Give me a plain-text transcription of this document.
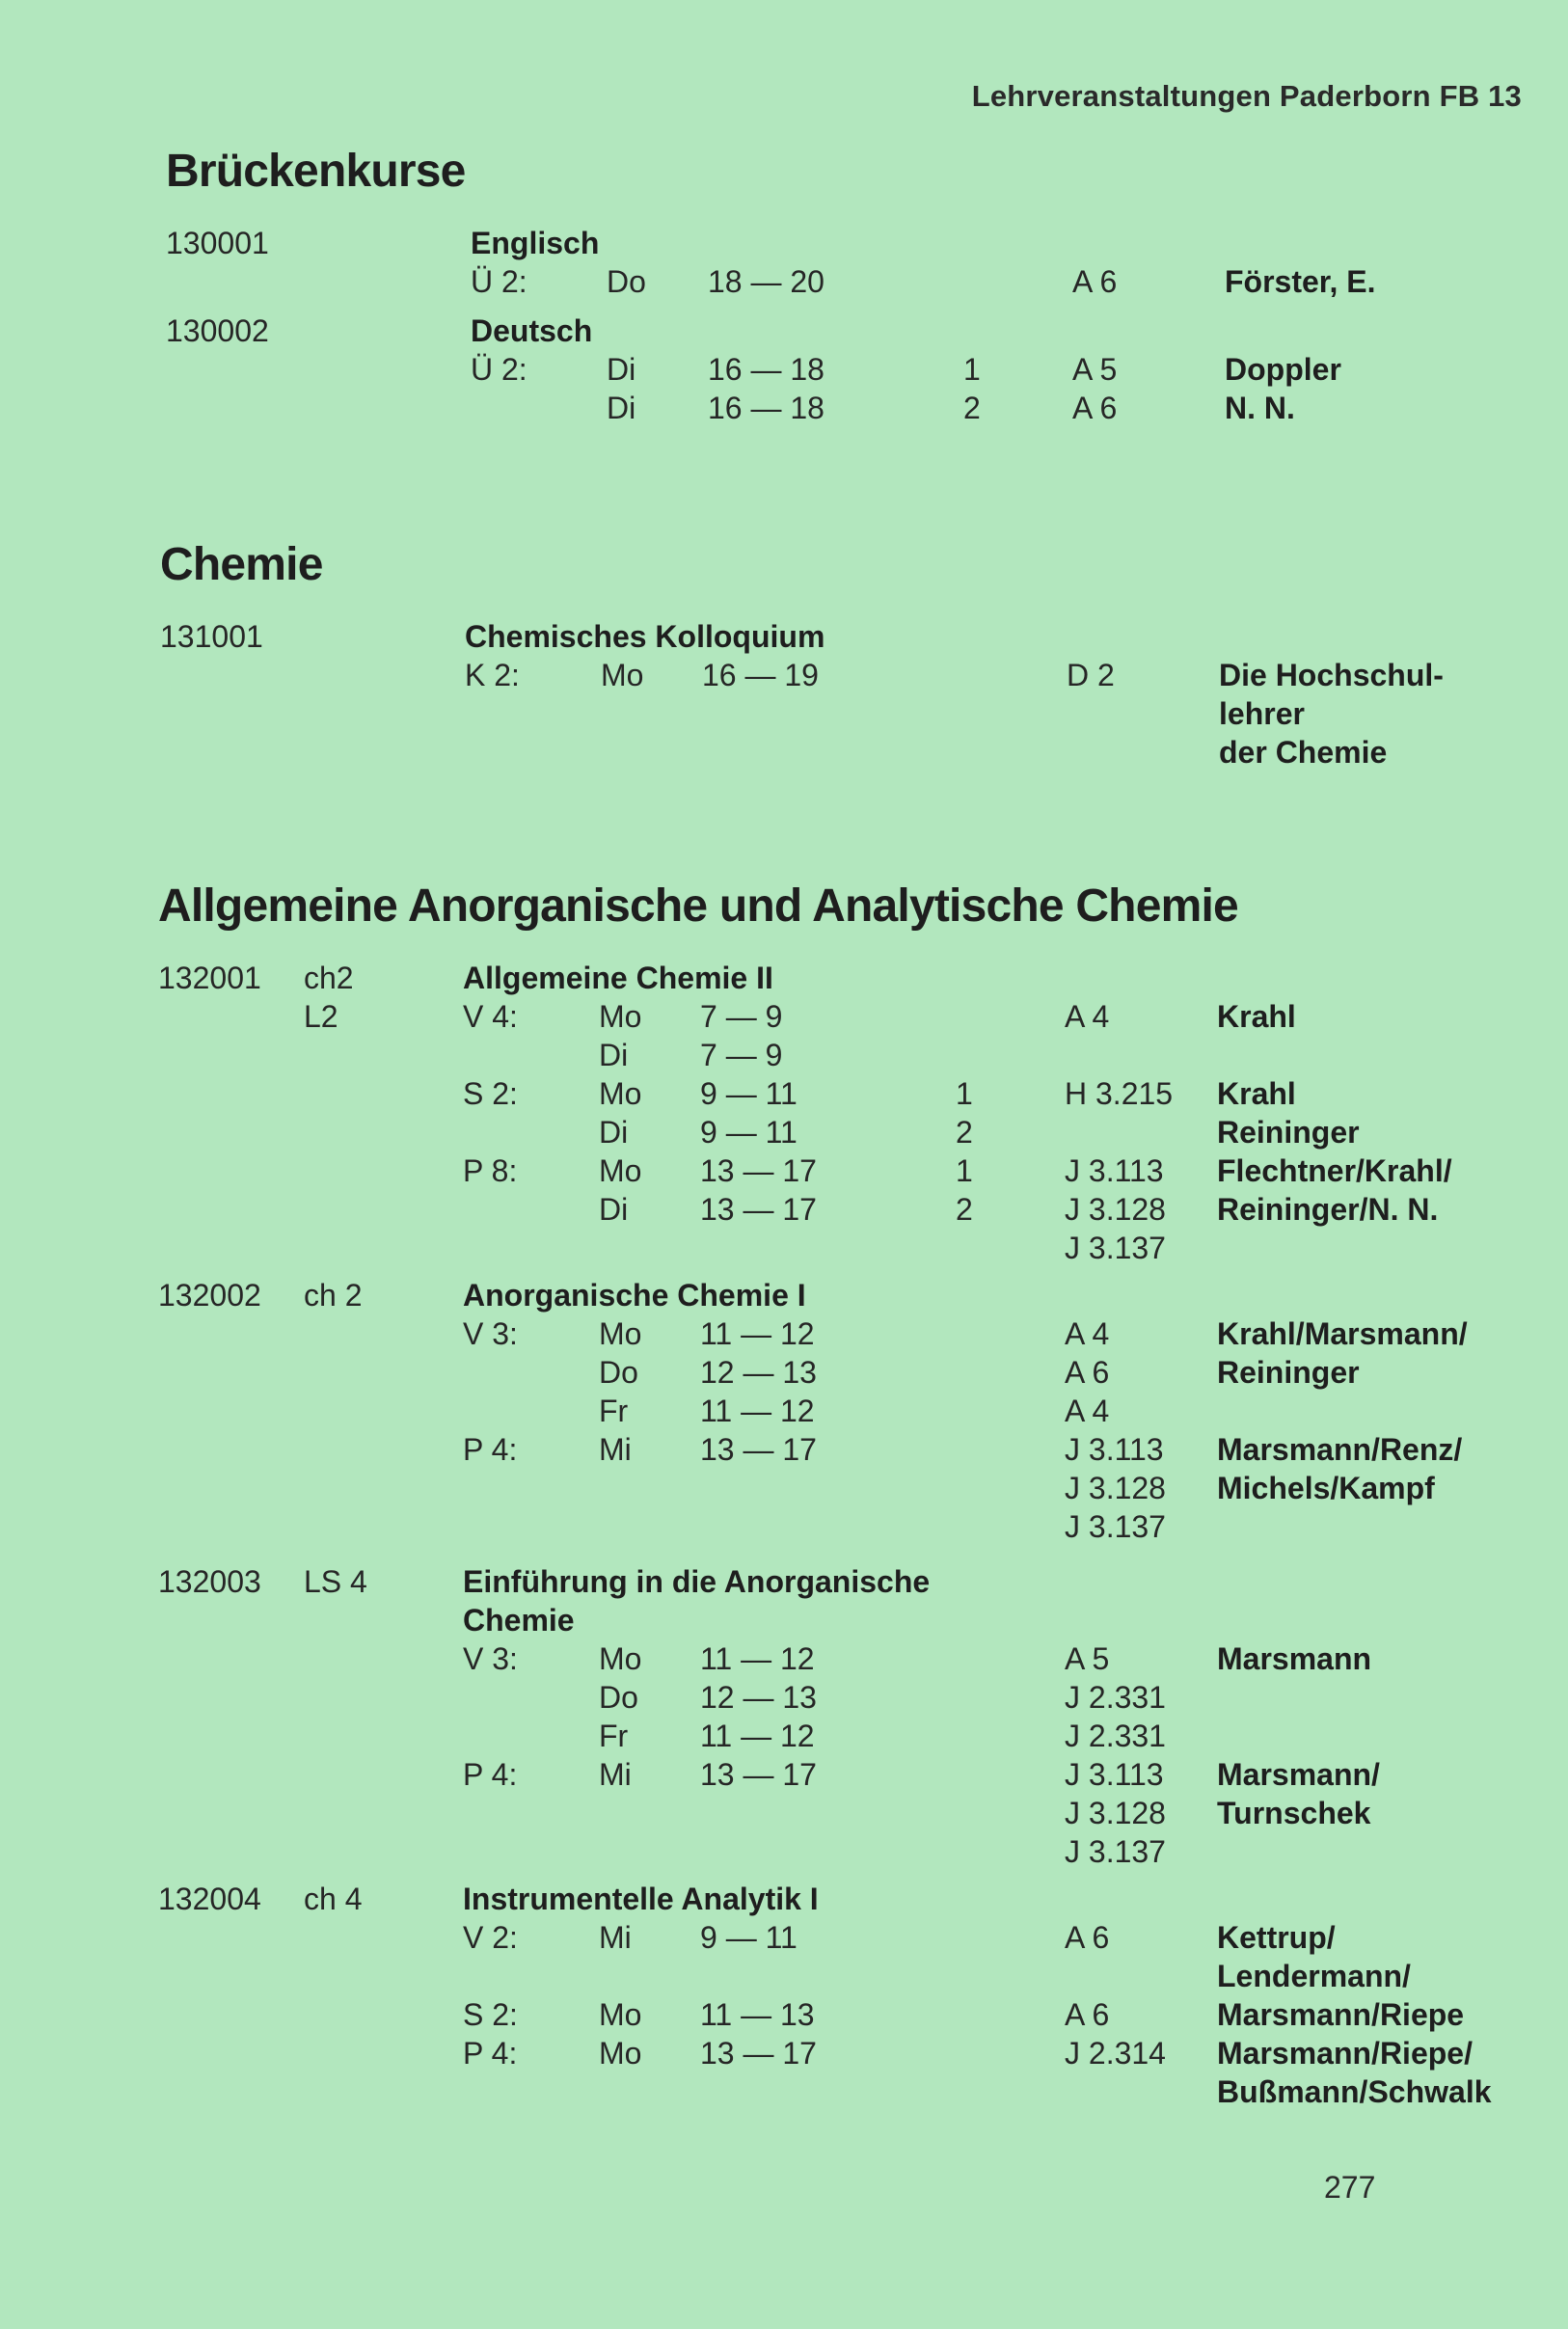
Lehrveranstaltungen Paderborn FB 13
Brückenkurse
130001	Englisch
Ü 2:	Do 18 — 20	A 6	Förster, E.
130002	Deutsch
Ü 2:	Di 16 — 18	1	A 5	Doppler
Di 16 — 18	2	A 6	N. N.
Chemie
131001	Chemisches Kolloquium
K 2:	Mo 16 — 19	D 2	Die Hochschul-
lehrer
der Chemie
Allgemeine Anorganische und Analytische Chemie
132001 ch2	Allgemeine Chemie II
L2	V 4:	Mo 7 — 9	A 4	Krahl
Di 7 — 9
S 2:	Mo 9 — 11	1	H 3.215 Krahl
Di 9 — 11	2	Reininger
P 8:	Mo 13 — 17	1	J 3.113 Flechtner/Krahl/
Di 13 — 17	2	J 3.128 Reininger/N. N.
J 3.137
132002 ch 2	Anorganische Chemie I
V 3:	Mo 11 — 12	A 4	Krahl/Marsmann/
Do 12 — 13	A 6	Reininger
Fr 11 — 12	A 4
P 4:	Mi 13 — 17	J 3.113 Marsmann/Renz/
J 3.128 Michels/Kampf
J 3.137
132003 LS 4	Einführung in die Anorganische
Chemie
V 3:	Mo 11 — 12	A 5	Marsmann
Do 12 — 13	J 2.331
Fr 11 — 12	J 2.331
P 4:	Mi 13 — 17	J 3.113 Marsmann/
J 3.128 Turnschek
J 3.137
132004 ch 4	Instrumentelle Analytik I
V 2:	Mi 9 — 11	A 6	Kettrup/
Lendermann/
S 2:	Mo 11 — 13	A 6	Marsmann/Riepe
P 4:	Mo 13 — 17	J 2.314 Marsmann/Riepe/
Bußmann/Schwalk
277
